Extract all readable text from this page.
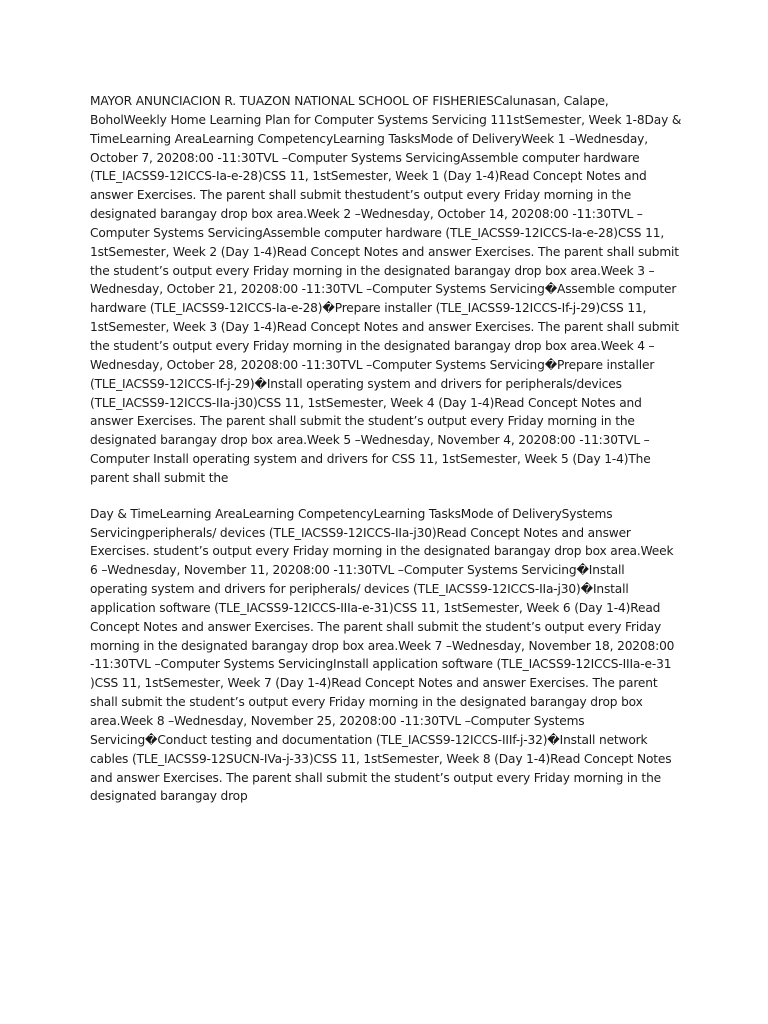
MAYOR ANUNCIACION R. TUAZON NATIONAL SCHOOL OF FISHERIESCalunasan, Calape, BoholWeekly Home Learning Plan for Computer Systems Servicing 111stSemester, Week 1-8Day & TimeLearning AreaLearning CompetencyLearning TasksMode of DeliveryWeek 1 –Wednesday, October 7, 20208:00 -11:30TVL –Computer Systems ServicingAssemble computer hardware (TLE_IACSS9-12ICCS-Ia-e-28)CSS 11, 1stSemester, Week 1 (Day 1-4)Read Concept Notes and answer Exercises. The parent shall submit thestudent’s output every Friday morning in the designated barangay drop box area.Week 2 –Wednesday, October 14, 20208:00 -11:30TVL –Computer Systems ServicingAssemble computer hardware (TLE_IACSS9-12ICCS-Ia-e-28)CSS 11, 1stSemester, Week 2 (Day 1-4)Read Concept Notes and answer Exercises. The parent shall submit the student’s output every Friday morning in the designated barangay drop box area.Week 3 –Wednesday, October 21, 20208:00 -11:30TVL –Computer Systems Servicing�Assemble computer hardware (TLE_IACSS9-12ICCS-Ia-e-28)�Prepare installer (TLE_IACSS9-12ICCS-If-j-29)CSS 11, 1stSemester, Week 3 (Day 1-4)Read Concept Notes and answer Exercises. The parent shall submit the student’s output every Friday morning in the designated barangay drop box area.Week 4 –Wednesday, October 28, 20208:00 -11:30TVL –Computer Systems Servicing�Prepare installer (TLE_IACSS9-12ICCS-If-j-29)�Install operating system and drivers for peripherals/devices (TLE_IACSS9-12ICCS-IIa-j30)CSS 11, 1stSemester, Week 4 (Day 1-4)Read Concept Notes and answer Exercises. The parent shall submit the student’s output every Friday morning in the designated barangay drop box area.Week 5 –Wednesday, November 4, 20208:00 -11:30TVL –Computer Install operating system and drivers for CSS 11, 1stSemester, Week 5 (Day 1-4)The parent shall submit the

Day & TimeLearning AreaLearning CompetencyLearning TasksMode of DeliverySystems Servicingperipherals/ devices (TLE_IACSS9-12ICCS-IIa-j30)Read Concept Notes and answer Exercises. student’s output every Friday morning in the designated barangay drop box area.Week 6 –Wednesday, November 11, 20208:00 -11:30TVL –Computer Systems Servicing�Install operating system and drivers for peripherals/ devices (TLE_IACSS9-12ICCS-IIa-j30)�Install application software (TLE_IACSS9-12ICCS-IIIa-e-31)CSS 11, 1stSemester, Week 6 (Day 1-4)Read Concept Notes and answer Exercises. The parent shall submit the student’s output every Friday morning in the designated barangay drop box area.Week 7 –Wednesday, November 18, 20208:00 -11:30TVL –Computer Systems ServicingInstall application software (TLE_IACSS9-12ICCS-IIIa-e-31 )CSS 11, 1stSemester, Week 7 (Day 1-4)Read Concept Notes and answer Exercises. The parent shall submit the student’s output every Friday morning in the designated barangay drop box area.Week 8 –Wednesday, November 25, 20208:00 -11:30TVL –Computer Systems Servicing�Conduct testing and documentation (TLE_IACSS9-12ICCS-IIIf-j-32)�Install network cables (TLE_IACSS9-12SUCN-IVa-j-33)CSS 11, 1stSemester, Week 8 (Day 1-4)Read Concept Notes and answer Exercises. The parent shall submit the student’s output every Friday morning in the designated barangay drop
